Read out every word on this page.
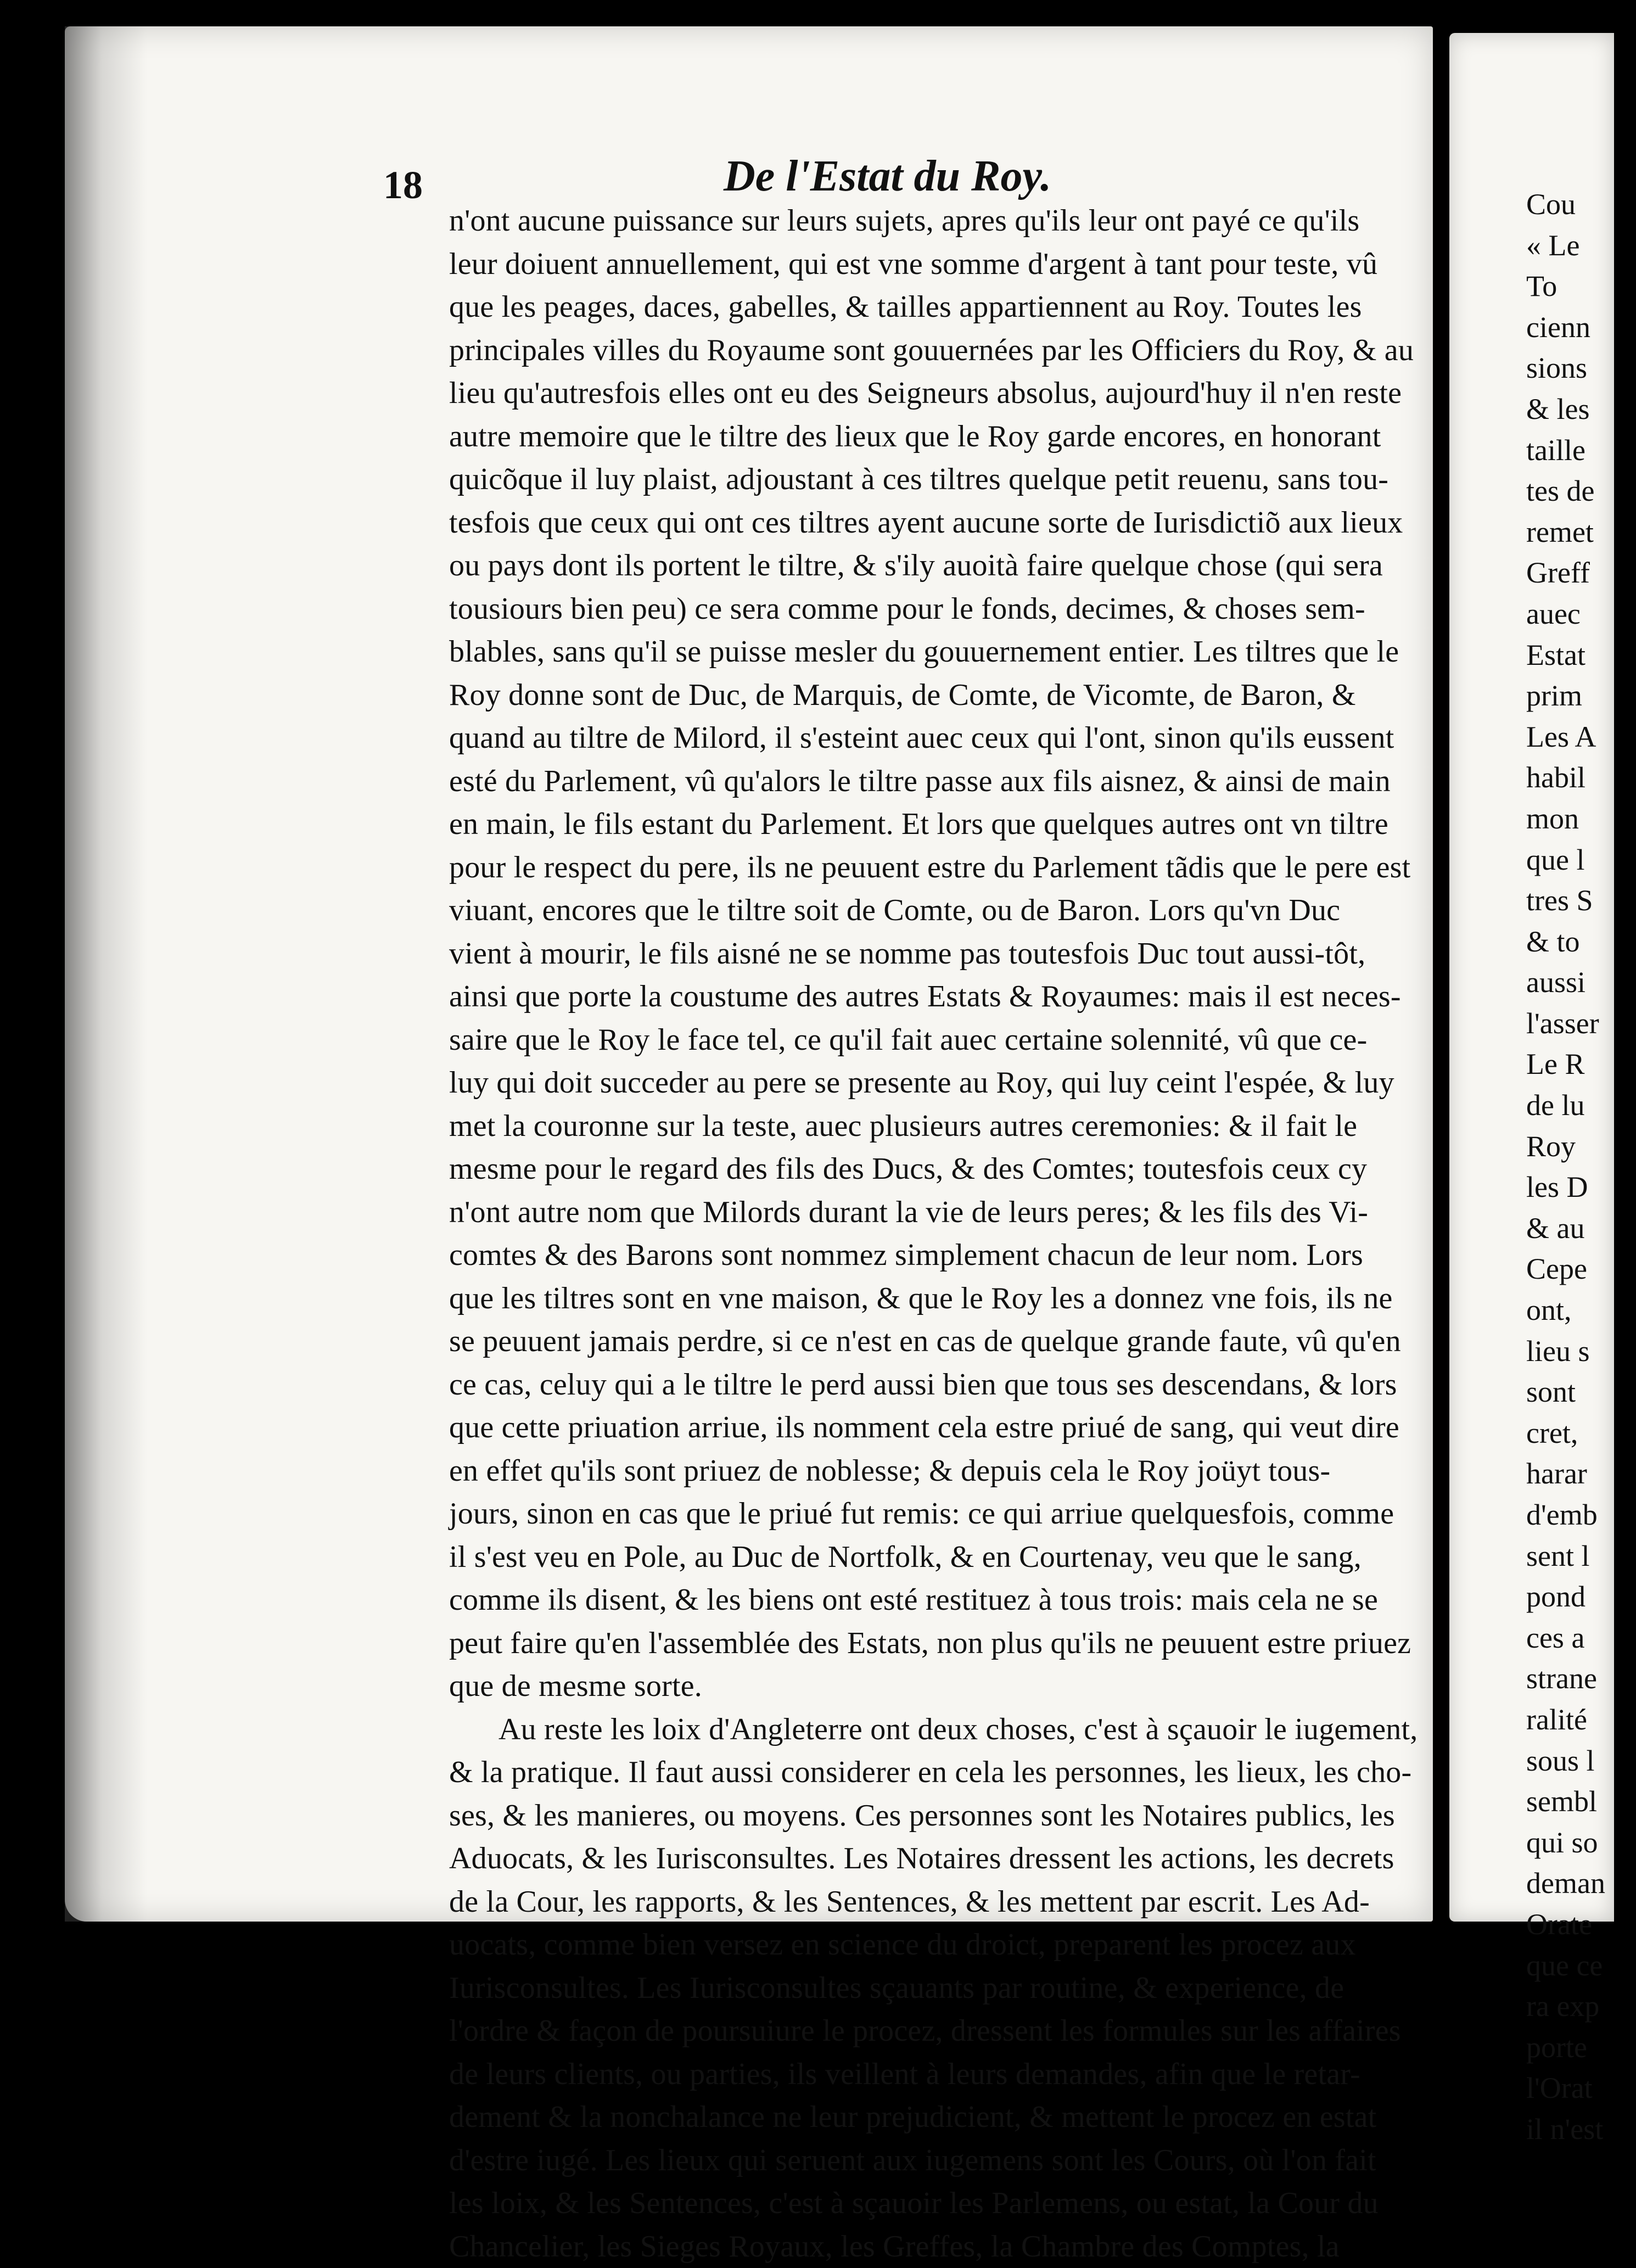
18	De l'Estat du Roy.
n'ont aucune puissance sur leurs sujets, apres qu'ils leur ont payé ce qu'ils
leur doiuent annuellement, qui est vne somme d'argent à tant pour teste, vû
que les peages, daces, gabelles, & tailles appartiennent au Roy. Toutes les
principales villes du Royaume sont gouuernées par les Officiers du Roy, & au
lieu qu'autresfois elles ont eu des Seigneurs absolus, aujourd'huy il n'en reste
autre memoire que le tiltre des lieux que le Roy garde encores, en honorant
quicõque il luy plaist, adjoustant à ces tiltres quelque petit reuenu, sans tou-
tesfois que ceux qui ont ces tiltres ayent aucune sorte de Iurisdictiõ aux lieux
ou pays dont ils portent le tiltre, & s'ily auoità faire quelque chose (qui sera
tousiours bien peu) ce sera comme pour le fonds, decimes, & choses sem-
blables, sans qu'il se puisse mesler du gouuernement entier. Les tiltres que le
Roy donne sont de Duc, de Marquis, de Comte, de Vicomte, de Baron, &
quand au tiltre de Milord, il s'esteint auec ceux qui l'ont, sinon qu'ils eussent
esté du Parlement, vû qu'alors le tiltre passe aux fils aisnez, & ainsi de main
en main, le fils estant du Parlement. Et lors que quelques autres ont vn tiltre
pour le respect du pere, ils ne peuuent estre du Parlement tãdis que le pere est
viuant, encores que le tiltre soit de Comte, ou de Baron. Lors qu'vn Duc
vient à mourir, le fils aisné ne se nomme pas toutesfois Duc tout aussi-tôt,
ainsi que porte la coustume des autres Estats & Royaumes: mais il est neces-
saire que le Roy le face tel, ce qu'il fait auec certaine solennité, vû que ce-
luy qui doit succeder au pere se presente au Roy, qui luy ceint l'espée, & luy
met la couronne sur la teste, auec plusieurs autres ceremonies: & il fait le
mesme pour le regard des fils des Ducs, & des Comtes; toutesfois ceux cy
n'ont autre nom que Milords durant la vie de leurs peres; & les fils des Vi-
comtes & des Barons sont nommez simplement chacun de leur nom. Lors
que les tiltres sont en vne maison, & que le Roy les a donnez vne fois, ils ne
se peuuent jamais perdre, si ce n'est en cas de quelque grande faute, vû qu'en
ce cas, celuy qui a le tiltre le perd aussi bien que tous ses descendans, & lors
que cette priuation arriue, ils nomment cela estre priué de sang, qui veut dire
en effet qu'ils sont priuez de noblesse; & depuis cela le Roy joüyt tous-
jours, sinon en cas que le priué fut remis: ce qui arriue quelquesfois, comme
il s'est veu en Pole, au Duc de Nortfolk, & en Courtenay, veu que le sang,
comme ils disent, & les biens ont esté restituez à tous trois: mais cela ne se
peut faire qu'en l'assemblée des Estats, non plus qu'ils ne peuuent estre priuez
que de mesme sorte.
Au reste les loix d'Angleterre ont deux choses, c'est à sçauoir le iugement,
& la pratique. Il faut aussi considerer en cela les personnes, les lieux, les cho-
ses, & les manieres, ou moyens. Ces personnes sont les Notaires publics, les
Aduocats, & les Iurisconsultes. Les Notaires dressent les actions, les decrets
de la Cour, les rapports, & les Sentences, & les mettent par escrit. Les Ad-
uocats, comme bien versez en science du droict, preparent les procez aux
Iurisconsultes. Les Iurisconsultes sçauants par routine, & experience, de
l'ordre & façon de poursuiure le procez, dressent les formules sur les affaires
de leurs clients, ou parties, ils veillent à leurs demandes, afin que le retar-
dement & la nonchalance ne leur prejudicient, & mettent le procez en estat
d'estre iugé. Les lieux qui seruent aux iugemens sont les Cours, où l'on fait
les loix, & les Sentences, c'est à sçauoir les Parlemens, ou estat, la Cour du
Chancelier, les Sieges Royaux, les Greffes, la Chambre des Comptes, la
Cou
« Le
To
cienn
sions
& les
taille
tes de
remet
Greff
auec
Estat
prim
Les A
habil
mon
que l
tres S
& to
aussi
l'asser
Le R
de lu
Roy
les D
& au
Cepe
ont,
lieu s
sont
cret,
harar
d'emb
sent l
pond
ces a
strane
ralité
sous l
sembl
qui so
deman
Orate
que ce
ra exp
porte
l'Orat
il n'est
